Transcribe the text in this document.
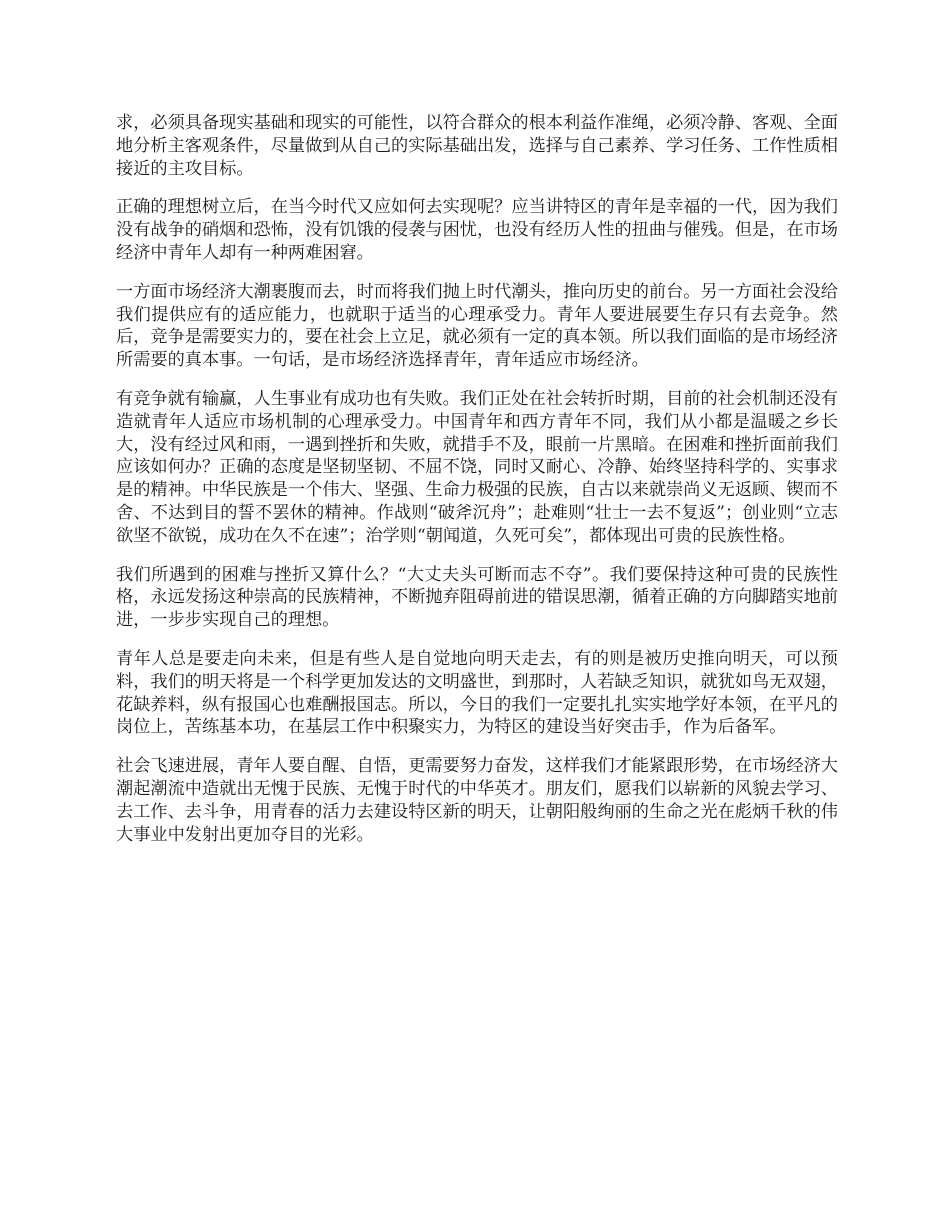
求，必须具备现实基础和现实的可能性，以符合群众的根本利益作准绳，必须冷静、客观、全面地分析主客观条件，尽量做到从自己的实际基础出发，选择与自己素养、学习任务、工作性质相接近的主攻目标。

正确的理想树立后，在当今时代又应如何去实现呢？应当讲特区的青年是幸福的一代，因为我们没有战争的硝烟和恐怖，没有饥饿的侵袭与困忧，也没有经历人性的扭曲与催残。但是，在市场经济中青年人却有一种两难困窘。

一方面市场经济大潮裹腹而去，时而将我们抛上时代潮头，推向历史的前台。另一方面社会没给我们提供应有的适应能力，也就职于适当的心理承受力。青年人要进展要生存只有去竞争。然后，竞争是需要实力的，要在社会上立足，就必须有一定的真本领。所以我们面临的是市场经济所需要的真本事。一句话，是市场经济选择青年，青年适应市场经济。

有竞争就有输赢，人生事业有成功也有失败。我们正处在社会转折时期，目前的社会机制还没有造就青年人适应市场机制的心理承受力。中国青年和西方青年不同，我们从小都是温暖之乡长大，没有经过风和雨，一遇到挫折和失败，就措手不及，眼前一片黑暗。在困难和挫折面前我们应该如何办？正确的态度是坚韧坚韧、不屈不饶，同时又耐心、冷静、始终坚持科学的、实事求是的精神。中华民族是一个伟大、坚强、生命力极强的民族，自古以来就崇尚义无返顾、锲而不舍、不达到目的誓不罢休的精神。作战则“破斧沉舟”；赴难则“壮士一去不复返”；创业则“立志欲坚不欲锐，成功在久不在速”；治学则“朝闻道，久死可矣”，都体现出可贵的民族性格。

我们所遇到的困难与挫折又算什么？“大丈夫头可断而志不夺”。我们要保持这种可贵的民族性格，永远发扬这种崇高的民族精神，不断抛弃阻碍前进的错误思潮，循着正确的方向脚踏实地前进，一步步实现自己的理想。

青年人总是要走向未来，但是有些人是自觉地向明天走去，有的则是被历史推向明天，可以预料，我们的明天将是一个科学更加发达的文明盛世，到那时，人若缺乏知识，就犹如鸟无双翅，花缺养料，纵有报国心也难酬报国志。所以，今日的我们一定要扎扎实实地学好本领，在平凡的岗位上，苦练基本功，在基层工作中积聚实力，为特区的建设当好突击手，作为后备军。

社会飞速进展，青年人要自醒、自悟，更需要努力奋发，这样我们才能紧跟形势，在市场经济大潮起潮流中造就出无愧于民族、无愧于时代的中华英才。朋友们，愿我们以崭新的风貌去学习、去工作、去斗争，用青春的活力去建设特区新的明天，让朝阳般绚丽的生命之光在彪炳千秋的伟大事业中发射出更加夺目的光彩。
